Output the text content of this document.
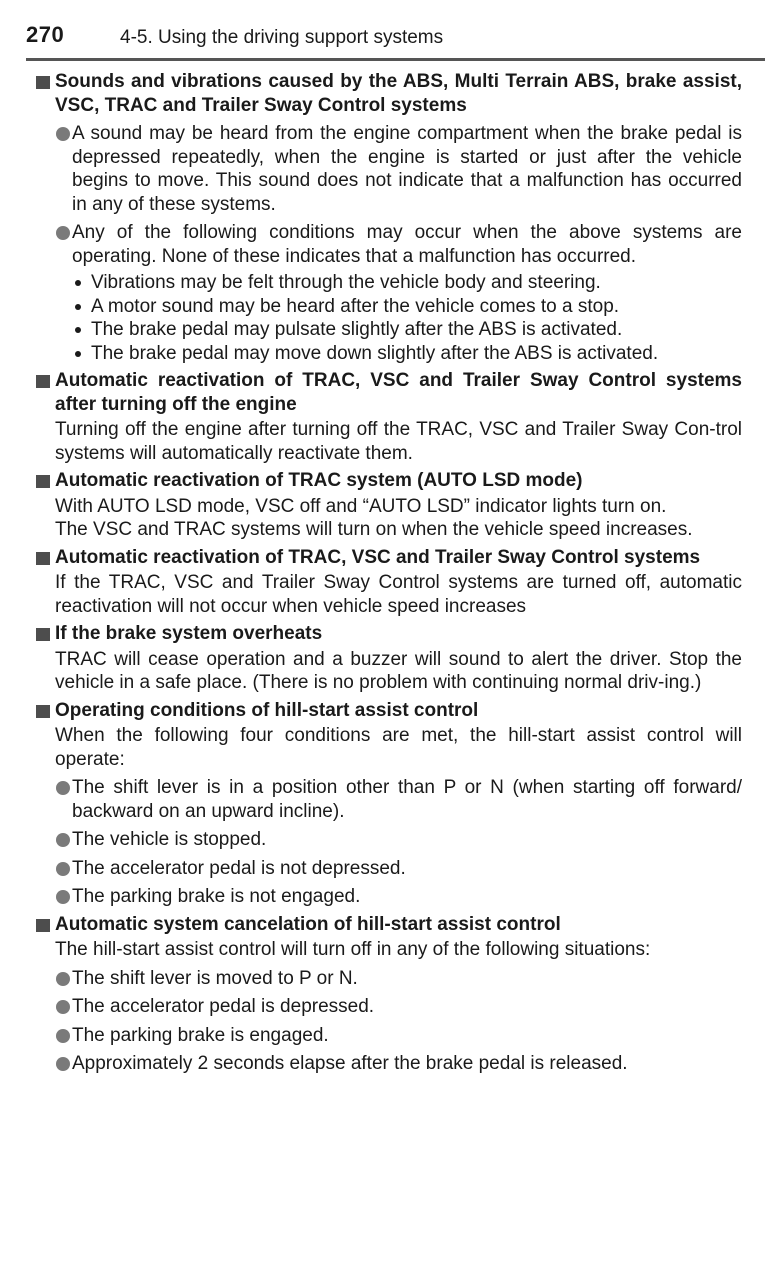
270	4-5. Using the driving support systems
Sounds and vibrations caused by the ABS, Multi Terrain ABS, brake assist, VSC, TRAC and Trailer Sway Control systems
A sound may be heard from the engine compartment when the brake pedal is depressed repeatedly, when the engine is started or just after the vehicle begins to move. This sound does not indicate that a malfunction has occurred in any of these systems.
Any of the following conditions may occur when the above systems are operating. None of these indicates that a malfunction has occurred.
Vibrations may be felt through the vehicle body and steering.
A motor sound may be heard after the vehicle comes to a stop.
The brake pedal may pulsate slightly after the ABS is activated.
The brake pedal may move down slightly after the ABS is activated.
Automatic reactivation of TRAC, VSC and Trailer Sway Control systems after turning off the engine
Turning off the engine after turning off the TRAC, VSC and Trailer Sway Con-trol systems will automatically reactivate them.
Automatic reactivation of TRAC system (AUTO LSD mode)
With AUTO LSD mode, VSC off and “AUTO LSD” indicator lights turn on.
The VSC and TRAC systems will turn on when the vehicle speed increases.
Automatic reactivation of TRAC, VSC and Trailer Sway Control systems
If the TRAC, VSC and Trailer Sway Control systems are turned off, automatic reactivation will not occur when vehicle speed increases
If the brake system overheats
TRAC will cease operation and a buzzer will sound to alert the driver. Stop the vehicle in a safe place. (There is no problem with continuing normal driv-ing.)
Operating conditions of hill-start assist control
When the following four conditions are met, the hill-start assist control will operate:
The shift lever is in a position other than P or N (when starting off forward/ backward on an upward incline).
The vehicle is stopped.
The accelerator pedal is not depressed.
The parking brake is not engaged.
Automatic system cancelation of hill-start assist control
The hill-start assist control will turn off in any of the following situations:
The shift lever is moved to P or N.
The accelerator pedal is depressed.
The parking brake is engaged.
Approximately 2 seconds elapse after the brake pedal is released.
